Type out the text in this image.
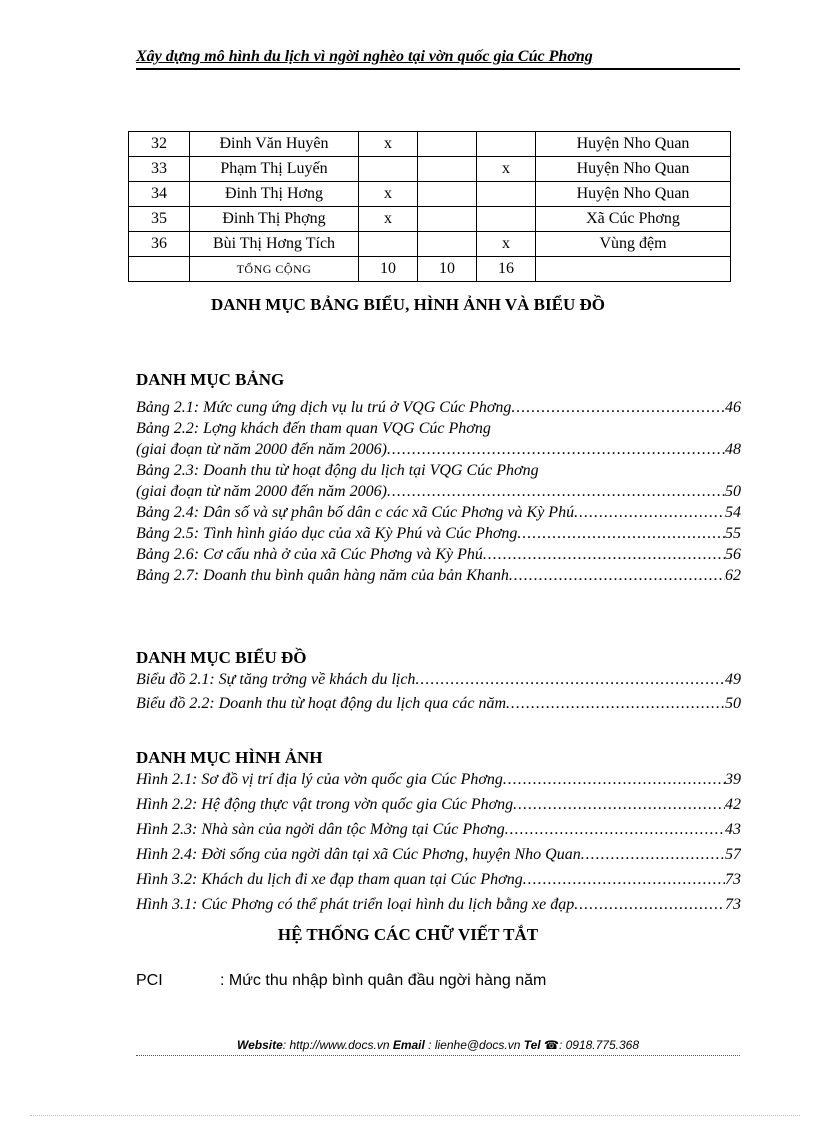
Xây dựng mô hình du lịch vì ngời nghèo tại vờn quốc gia Cúc Phơng
32	Đinh Văn Huyên	x			Huyện Nho Quan
33	Phạm Thị Luyến			x	Huyện Nho Quan
34	Đinh Thị Hơng	x			Huyện Nho Quan
35	Đinh Thị Phợng	x			Xã Cúc Phơng
36	Bùi Thị Hơng Tích			x	Vùng đệm
	TỔNG CỘNG	10	10	16	
DANH MỤC BẢNG BIỂU, HÌNH ẢNH VÀ BIỂU ĐỒ
DANH MỤC BẢNG
Bảng 2.1: Mức cung ứng dịch vụ lu trú ở VQG Cúc Phơng .....	46
Bảng 2.2: Lợng khách đến tham quan VQG Cúc Phơng
(giai đoạn từ năm 2000 đến năm 2006) .....	48
Bảng 2.3: Doanh thu từ hoạt động du lịch tại VQG Cúc Phơng
(giai đoạn từ năm 2000 đến năm 2006) .....	50
Bảng 2.4: Dân số và sự phân bố dân c các xã Cúc Phơng và Kỳ Phú .....	54
Bảng 2.5: Tình hình giáo dục của xã Kỳ Phú và Cúc Phơng .....	55
Bảng 2.6: Cơ cấu nhà ở của xã Cúc Phơng và Kỳ Phú .....	56
Bảng 2.7: Doanh thu bình quân hàng năm của bản Khanh .....	62
DANH MỤC BIỂU ĐỒ
Biểu đồ 2.1: Sự tăng trởng về khách du lịch .....	49
Biểu đồ 2.2: Doanh thu từ hoạt động du lịch qua các năm .....	50
DANH MỤC HÌNH ẢNH
Hình 2.1: Sơ đồ vị trí địa lý của vờn quốc gia Cúc Phơng .....	39
Hình 2.2: Hệ động thực vật trong vờn quốc gia Cúc Phơng .....	42
Hình 2.3: Nhà sàn của ngời dân tộc Mờng tại Cúc Phơng .....	43
Hình 2.4: Đời sống của ngời dân tại xã Cúc Phơng, huyện Nho Quan .....	57
Hình 3.2: Khách du lịch đi xe đạp tham quan tại Cúc Phơng .....	73
Hình 3.1: Cúc Phơng có thể phát triển loại hình du lịch bằng xe đạp .....	73
HỆ THỐNG CÁC CHỮ VIẾT TẮT
PCI	: Mức thu nhập bình quân đầu ngời hàng năm
Website: http://www.docs.vn Email : lienhe@docs.vn Tel ☎: 0918.775.368
